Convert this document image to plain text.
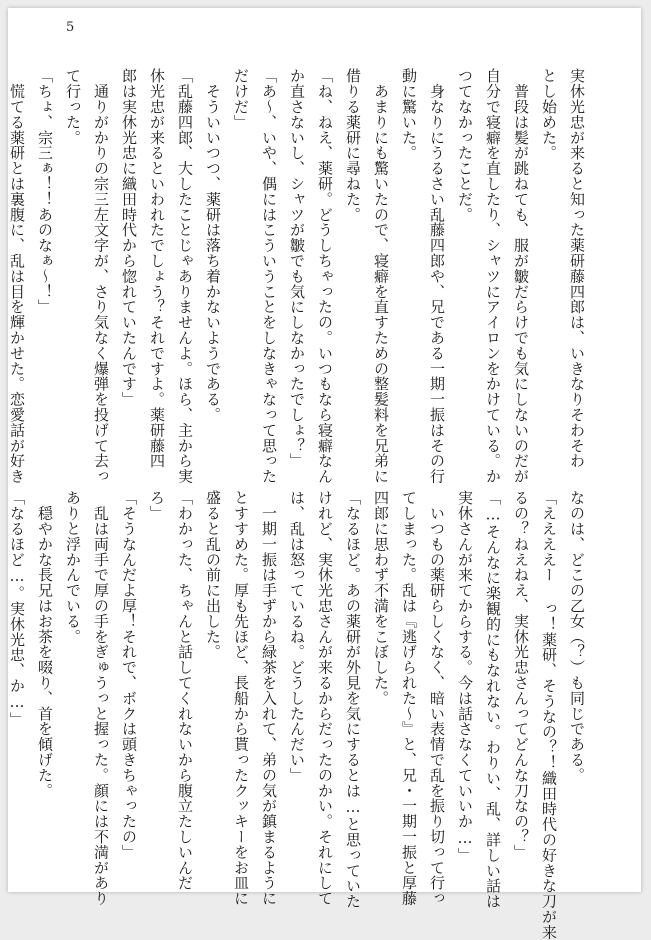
5

実休光忠が来ると知った薬研藤四郎は、いきなりそわそわ

とし始めた。

　普段は髪が跳ねても、服が皺だらけでも気にしないのだが

自分で寝癖を直したり、シャツにアイロンをかけている。か

つてなかったことだ。

　身なりにうるさい乱藤四郎や、兄である一期一振はその行

動に驚いた。

　あまりにも驚いたので、寝癖を直すための整髪料を兄弟に

借りる薬研に尋ねた。

「ね、ねえ、薬研。どうしちゃったの。いつもなら寝癖なん

か直さないし、シャツが皺でも気にしなかったでしょ？」

「あ～、いや、偶にはこういうことをしなきゃなって思った

だけだ」

　そういいつつ、薬研は落ち着かないようである。

「乱藤四郎、大したことじゃありませんよ。ほら、主から実

休光忠が来るといわれたでしょう？それですよ。薬研藤四

郎は実休光忠に織田時代から惚れていたんです」

　通りがかりの宗三左文字が、さり気なく爆弾を投げて去っ

て行った。

「ちょ、宗三ぁ！！あのなぁ～！」

　慌てる薬研とは裏腹に、乱は目を輝かせた。恋愛話が好き

なのは、どこの乙女（？）も同じである。

「ええええー っ！薬研、そうなの？！織田時代の好きな刀が来

るの？ねえねえ、実休光忠さんってどんな刀なの？」

「…そんなに楽観的にもなれない。わりい、乱、詳しい話は

実休さんが来てからする。今は話さなくていいか…」

　いつもの薬研らしくなく、暗い表情で乱を振り切って行っ

てしまった。乱は『逃げられた～』と、兄・一期一振と厚藤

四郎に思わず不満をこぼした。

「なるほど。あの薬研が外見を気にするとは…と思っていた

けれど、実休光忠さんが来るからだったのかい。それにして

は、乱は怒っているね。どうしたんだい」

　一期一振は手ずから緑茶を入れて、弟の気が鎮まるように

とすすめた。厚も先ほど、長船から貰ったクッキーをお皿に

盛ると乱の前に出した。

「わかった、ちゃんと話してくれないから腹立たしいんだ

ろ」

「そうなんだよ厚！それで、ボクは頭きちゃったの」

　乱は両手で厚の手をぎゅうっと握った。顔には不満があり

ありと浮かんでいる。

　穏やかな長兄はお茶を啜り、首を傾げた。

「なるほど…。実休光忠、か…」
